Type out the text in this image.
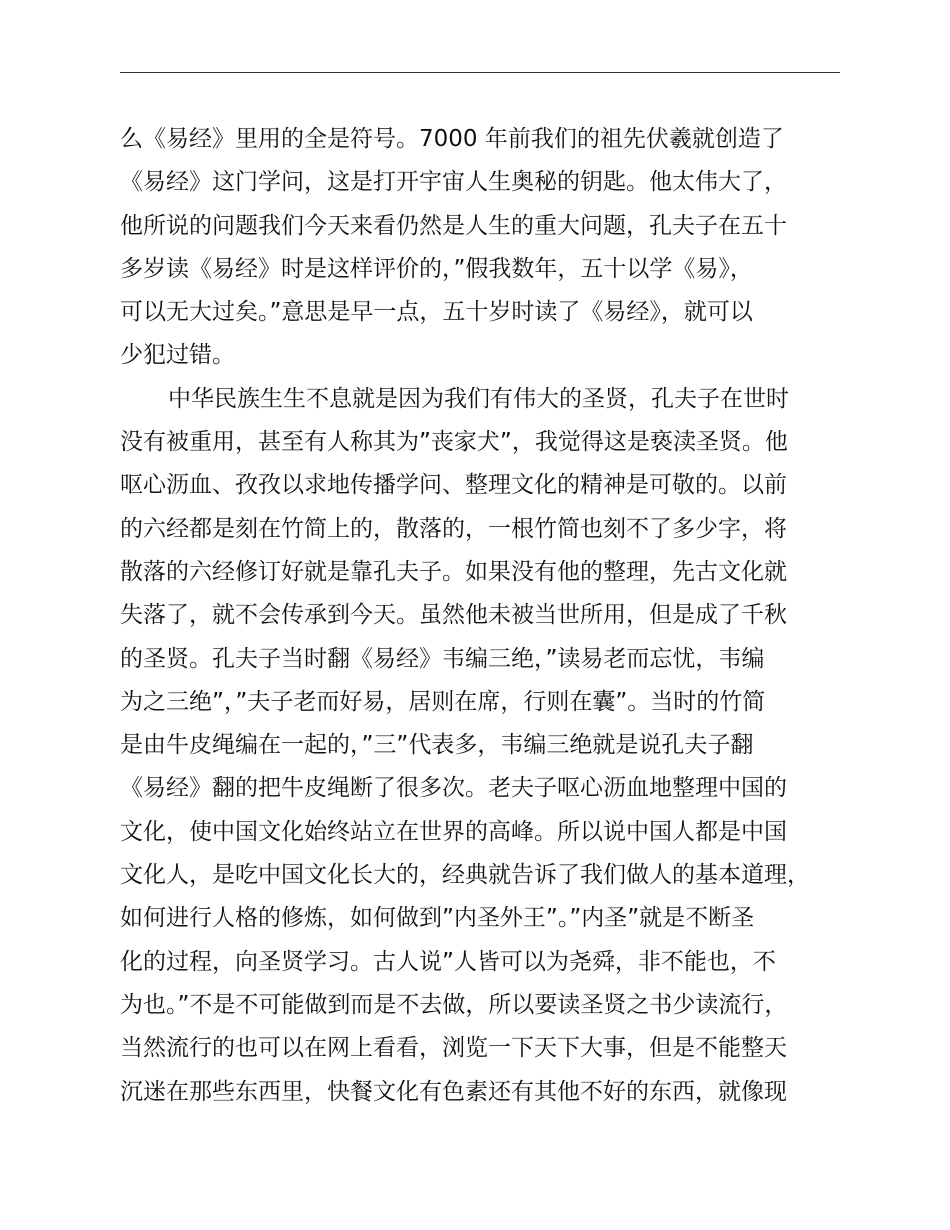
么《易经》里用的全是符号。7000 年前我们的祖先伏羲就创造了
《易经》这门学问，这是打开宇宙人生奥秘的钥匙。他太伟大了，
他所说的问题我们今天来看仍然是人生的重大问题，孔夫子在五十
多岁读《易经》时是这样评价的，”假我数年，五十以学《易》，
可以无大过矣。”意思是早一点，五十岁时读了《易经》，就可以
少犯过错。
中华民族生生不息就是因为我们有伟大的圣贤，孔夫子在世时
没有被重用，甚至有人称其为”丧家犬”，我觉得这是亵渎圣贤。他
呕心沥血、孜孜以求地传播学问、整理文化的精神是可敬的。以前
的六经都是刻在竹简上的，散落的，一根竹简也刻不了多少字，将
散落的六经修订好就是靠孔夫子。如果没有他的整理，先古文化就
失落了，就不会传承到今天。虽然他未被当世所用，但是成了千秋
的圣贤。孔夫子当时翻《易经》韦编三绝，”读易老而忘忧，韦编
为之三绝”，”夫子老而好易，居则在席，行则在囊”。当时的竹简
是由牛皮绳编在一起的，”三”代表多，韦编三绝就是说孔夫子翻
《易经》翻的把牛皮绳断了很多次。老夫子呕心沥血地整理中国的
文化，使中国文化始终站立在世界的高峰。所以说中国人都是中国
文化人，是吃中国文化长大的，经典就告诉了我们做人的基本道理，
如何进行人格的修炼，如何做到”内圣外王”。”内圣”就是不断圣
化的过程，向圣贤学习。古人说”人皆可以为尧舜，非不能也，不
为也。”不是不可能做到而是不去做，所以要读圣贤之书少读流行，
当然流行的也可以在网上看看，浏览一下天下大事，但是不能整天
沉迷在那些东西里，快餐文化有色素还有其他不好的东西，就像现
